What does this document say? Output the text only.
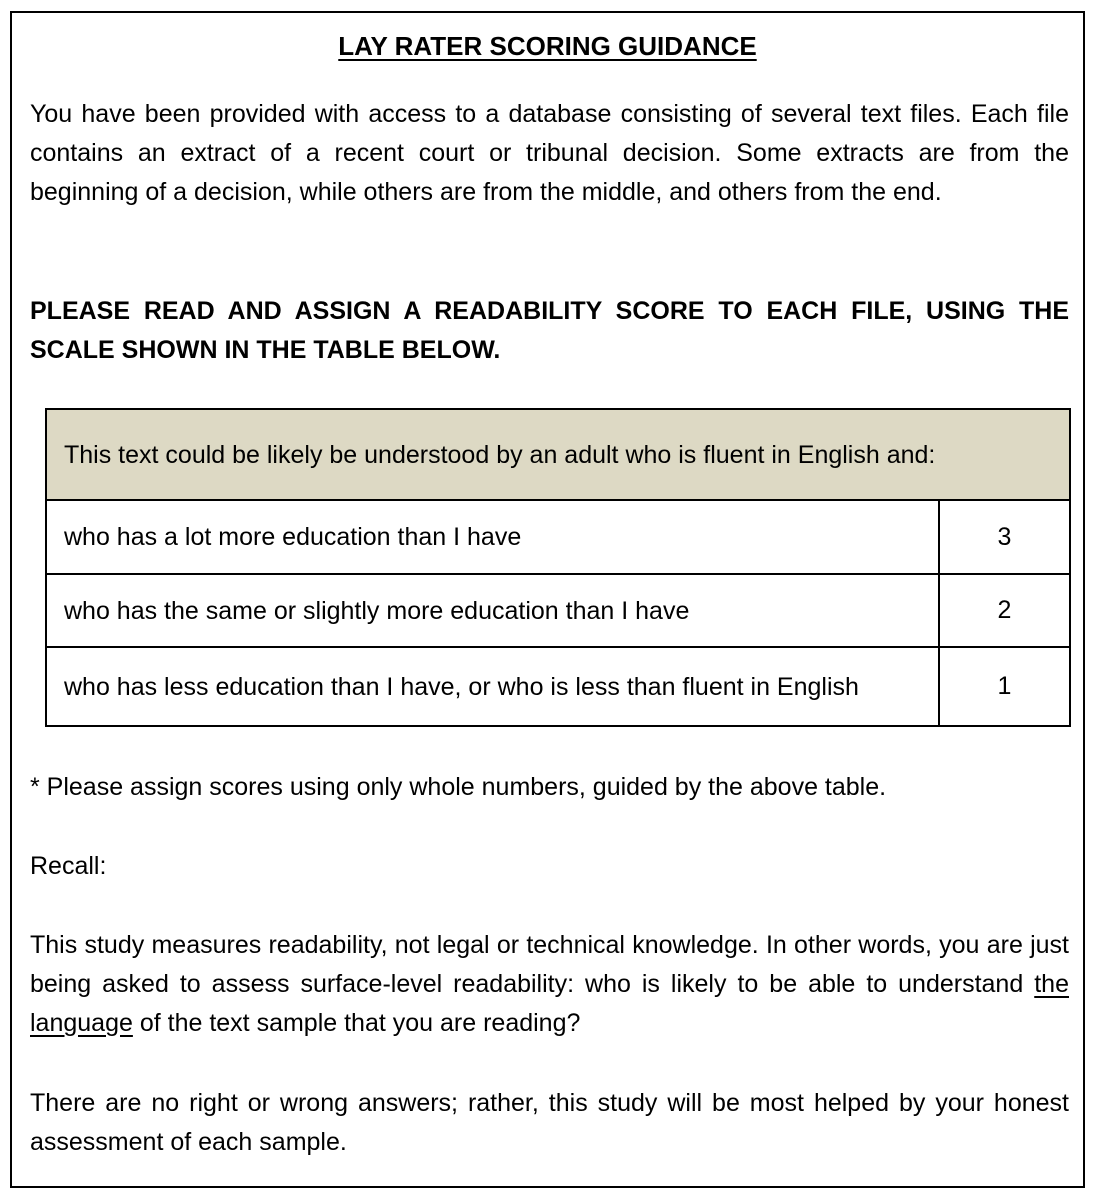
LAY RATER SCORING GUIDANCE

You have been provided with access to a database consisting of several text files. Each file contains an extract of a recent court or tribunal decision. Some extracts are from the beginning of a decision, while others are from the middle, and others from the end.

PLEASE READ AND ASSIGN A READABILITY SCORE TO EACH FILE, USING THE SCALE SHOWN IN THE TABLE BELOW.

This text could be likely be understood by an adult who is fluent in English and:	
who has a lot more education than I have	3
who has the same or slightly more education than I have	2
who has less education than I have, or who is less than fluent in English	1

* Please assign scores using only whole numbers, guided by the above table.

Recall:

This study measures readability, not legal or technical knowledge. In other words, you are just being asked to assess surface-level readability: who is likely to be able to understand the language of the text sample that you are reading?

There are no right or wrong answers; rather, this study will be most helped by your honest assessment of each sample.
